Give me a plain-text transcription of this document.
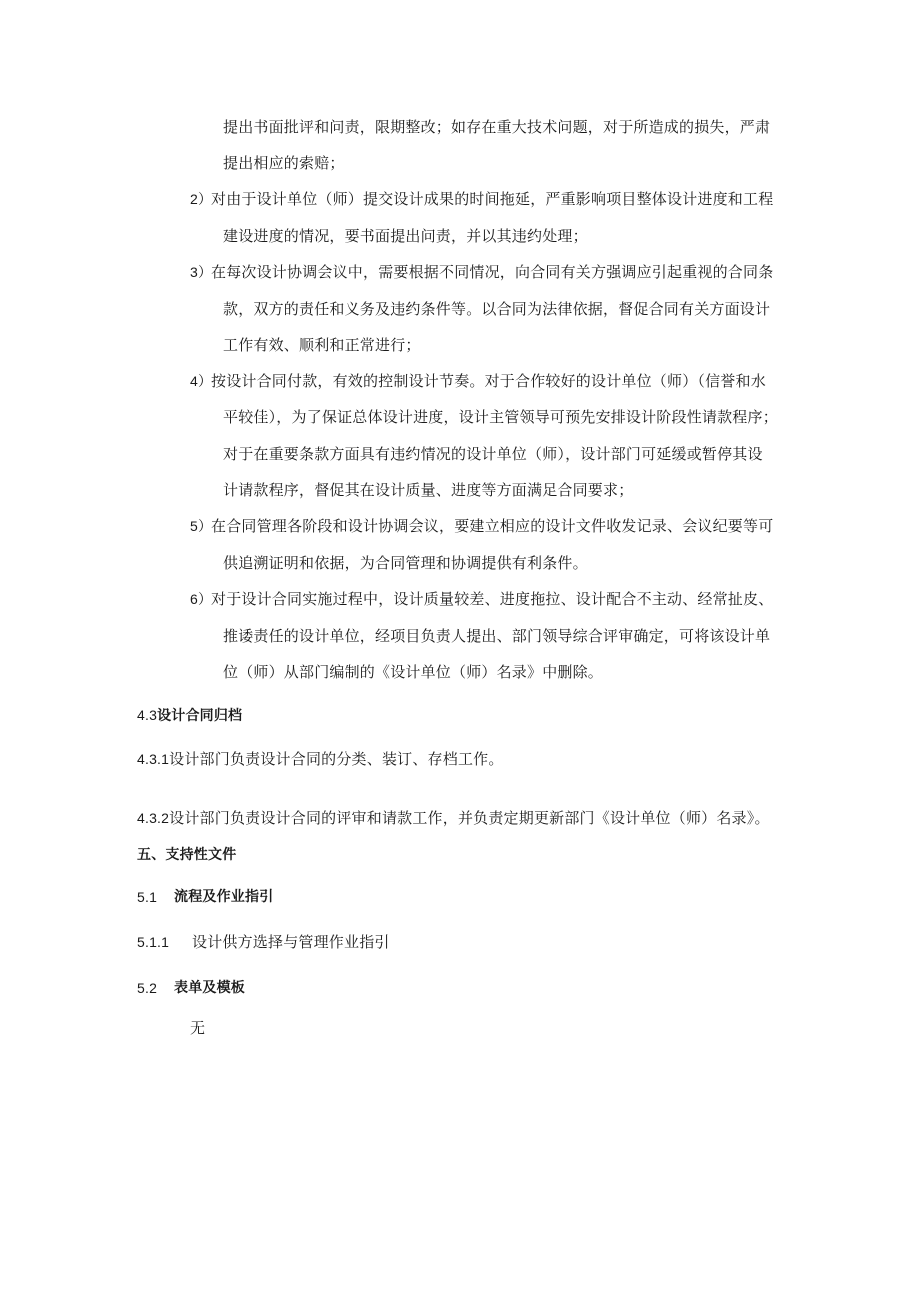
提出书面批评和问责，限期整改；如存在重大技术问题，对于所造成的损失，严肃
提出相应的索赔；
2）
对由于设计单位（师）提交设计成果的时间拖延，严重影响项目整体设计进度和工程
建设进度的情况，要书面提出问责，并以其违约处理；
3）
在每次设计协调会议中，需要根据不同情况，向合同有关方强调应引起重视的合同条
款，双方的责任和义务及违约条件等。以合同为法律依据，督促合同有关方面设计
工作有效、顺利和正常进行；
4）
按设计合同付款，有效的控制设计节奏。对于合作较好的设计单位（师）（信誉和水
平较佳），为了保证总体设计进度，设计主管领导可预先安排设计阶段性请款程序；
对于在重要条款方面具有违约情况的设计单位（师），设计部门可延缓或暂停其设
计请款程序，督促其在设计质量、进度等方面满足合同要求；
5）
在合同管理各阶段和设计协调会议，要建立相应的设计文件收发记录、会议纪要等可
供追溯证明和依据，为合同管理和协调提供有利条件。
6）
对于设计合同实施过程中，设计质量较差、进度拖拉、设计配合不主动、经常扯皮、
推诿责任的设计单位，经项目负责人提出、部门领导综合评审确定，可将该设计单
位（师）从部门编制的《设计单位（师）名录》中删除。
4.3设计合同归档
4.3.1设计部门负责设计合同的分类、装订、存档工作。
4.3.2设计部门负责设计合同的评审和请款工作，并负责定期更新部门《设计单位（师）名录》。
五、支持性文件
5.1 流程及作业指引
5.1.1 设计供方选择与管理作业指引
5.2 表单及模板
无
